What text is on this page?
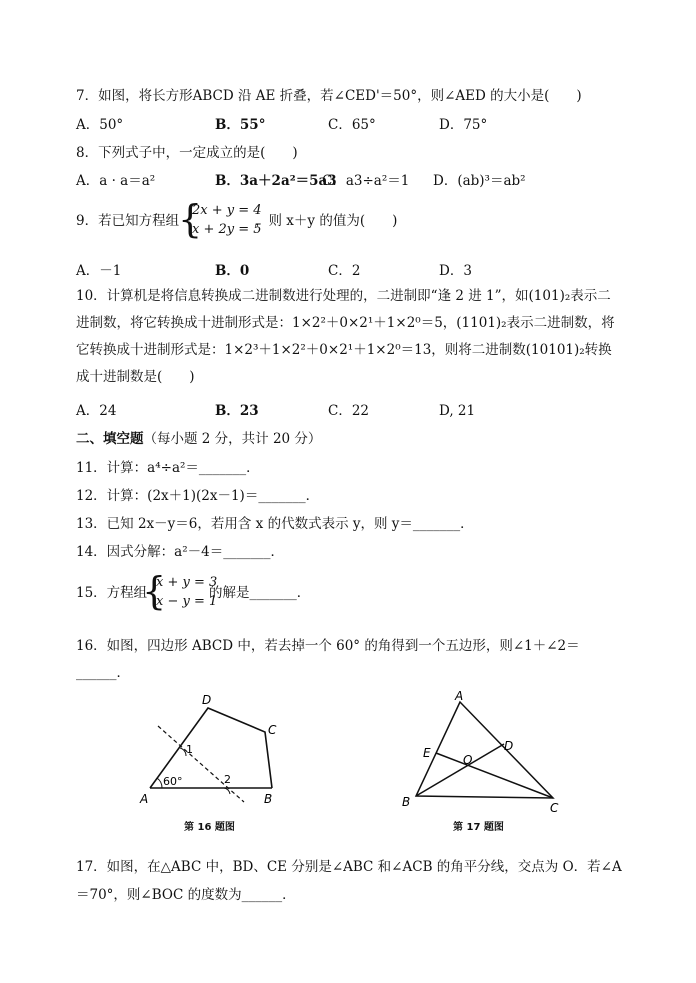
7．如图，将长方形ABCD 沿 AE 折叠，若∠CED'＝50°，则∠AED 的大小是(　　)
A．50°	B．55°	C．65°	D．75°
8．下列式子中，一定成立的是(　　)
A．a · a＝a²	B．3a＋2a²＝5a3
C．a3÷a²＝1 D．(ab)³＝ab²
9．若已知方程组
{
2x + y = 4
x + 2y = 5
，则 x＋y 的值为(　　)
A．－1	B．0	C．2	D．3
10．计算机是将信息转换成二进制数进行处理的，二进制即“逢 2 进 1”，如(101)₂表示二进制数，将它转换成十进制形式是：1×2²＋0×2¹＋1×2⁰＝5，(1101)₂表示二进制数，将它转换成十进制形式是：1×2³＋1×2²＋0×2¹＋1×2⁰＝13，则将二进制数(10101)₂转换成十进制数是(　　)
A．24	B．23	C．22	D, 21
二、填空题（每小题 2 分，共计 20 分）
11．计算：a⁴÷a²＝_______．
12．计算：(2x＋1)(2x－1)＝_______．
13．已知 2x－y＝6，若用含 x 的代数式表示 y，则 y＝_______．
14．因式分解：a²－4＝_______．
15．方程组
{
x + y = 3
x − y = 1
的解是_______．
16．如图，四边形 ABCD 中，若去掉一个 60° 的角得到一个五边形，则∠1＋∠2＝
______．
D
C
A	B
60°
1
2
第 16 题图
A
B	C
D
E	O
第 17 题图
17．如图，在△ABC 中，BD、CE 分别是∠ABC 和∠ACB 的角平分线，交点为 O．若∠A
＝70°，则∠BOC 的度数为______．
